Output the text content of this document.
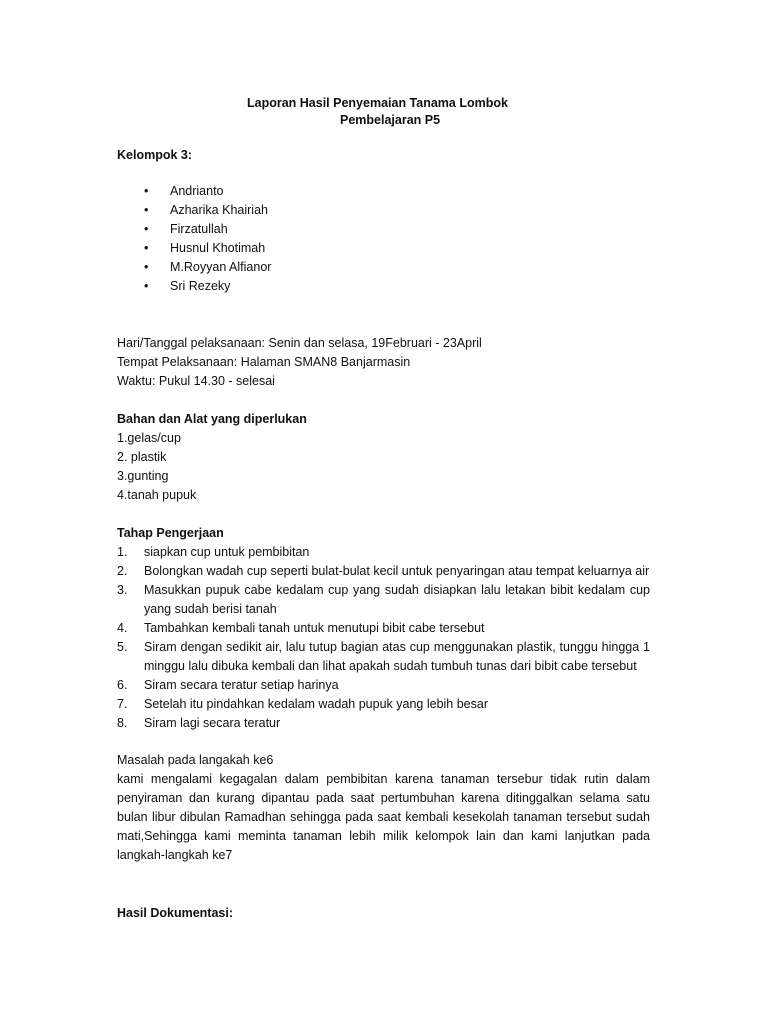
Laporan Hasil Penyemaian Tanama Lombok
Pembelajaran P5
Kelompok 3:
• Andrianto
• Azharika Khairiah
• Firzatullah
• Husnul Khotimah
• M.Royyan Alfianor
• Sri Rezeky
Hari/Tanggal pelaksanaan: Senin dan selasa, 19Februari - 23April
Tempat Pelaksanaan: Halaman SMAN8 Banjarmasin
Waktu: Pukul 14.30 - selesai
Bahan dan Alat yang diperlukan
1.gelas/cup
2. plastik
3.gunting
4.tanah pupuk
Tahap Pengerjaan
1. siapkan cup untuk pembibitan
2. Bolongkan wadah cup seperti bulat-bulat kecil untuk penyaringan atau tempat keluarnya air
3. Masukkan pupuk cabe kedalam cup yang sudah disiapkan lalu letakan bibit kedalam cup yang sudah berisi tanah
4. Tambahkan kembali tanah untuk menutupi bibit cabe tersebut
5. Siram dengan sedikit air, lalu tutup bagian atas cup menggunakan plastik, tunggu hingga 1 minggu lalu dibuka kembali dan lihat apakah sudah tumbuh tunas dari bibit cabe tersebut
6. Siram secara teratur setiap harinya
7. Setelah itu pindahkan kedalam wadah pupuk yang lebih besar
8. Siram lagi secara teratur
Masalah pada langakah ke6
kami mengalami kegagalan dalam pembibitan karena tanaman tersebur tidak rutin dalam penyiraman dan kurang dipantau pada saat pertumbuhan karena ditinggalkan selama satu bulan libur dibulan Ramadhan sehingga pada saat kembali kesekolah tanaman tersebut sudah mati,Sehingga kami meminta tanaman lebih milik kelompok lain dan kami lanjutkan pada langkah-langkah ke7
Hasil Dokumentasi:
